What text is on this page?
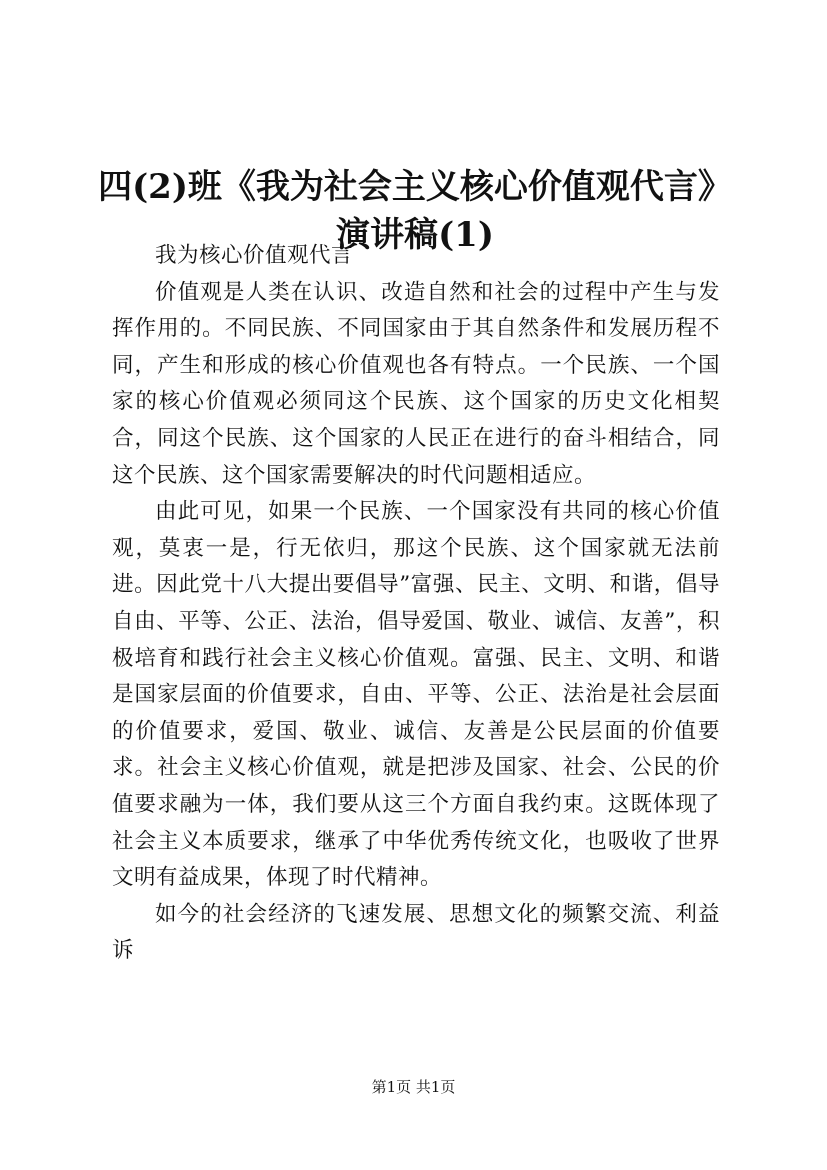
四(2)班《我为社会主义核心价值观代言》演讲稿(1)

我为核心价值观代言

价值观是人类在认识、改造自然和社会的过程中产生与发挥作用的。不同民族、不同国家由于其自然条件和发展历程不同，产生和形成的核心价值观也各有特点。一个民族、一个国家的核心价值观必须同这个民族、这个国家的历史文化相契合，同这个民族、这个国家的人民正在进行的奋斗相结合，同这个民族、这个国家需要解决的时代问题相适应。

由此可见，如果一个民族、一个国家没有共同的核心价值观，莫衷一是，行无依归，那这个民族、这个国家就无法前进。因此党十八大提出要倡导”富强、民主、文明、和谐，倡导自由、平等、公正、法治，倡导爱国、敬业、诚信、友善”，积极培育和践行社会主义核心价值观。富强、民主、文明、和谐是国家层面的价值要求，自由、平等、公正、法治是社会层面的价值要求，爱国、敬业、诚信、友善是公民层面的价值要求。社会主义核心价值观，就是把涉及国家、社会、公民的价值要求融为一体，我们要从这三个方面自我约束。这既体现了社会主义本质要求，继承了中华优秀传统文化，也吸收了世界文明有益成果，体现了时代精神。

如今的社会经济的飞速发展、思想文化的频繁交流、利益诉

第1页 共1页
